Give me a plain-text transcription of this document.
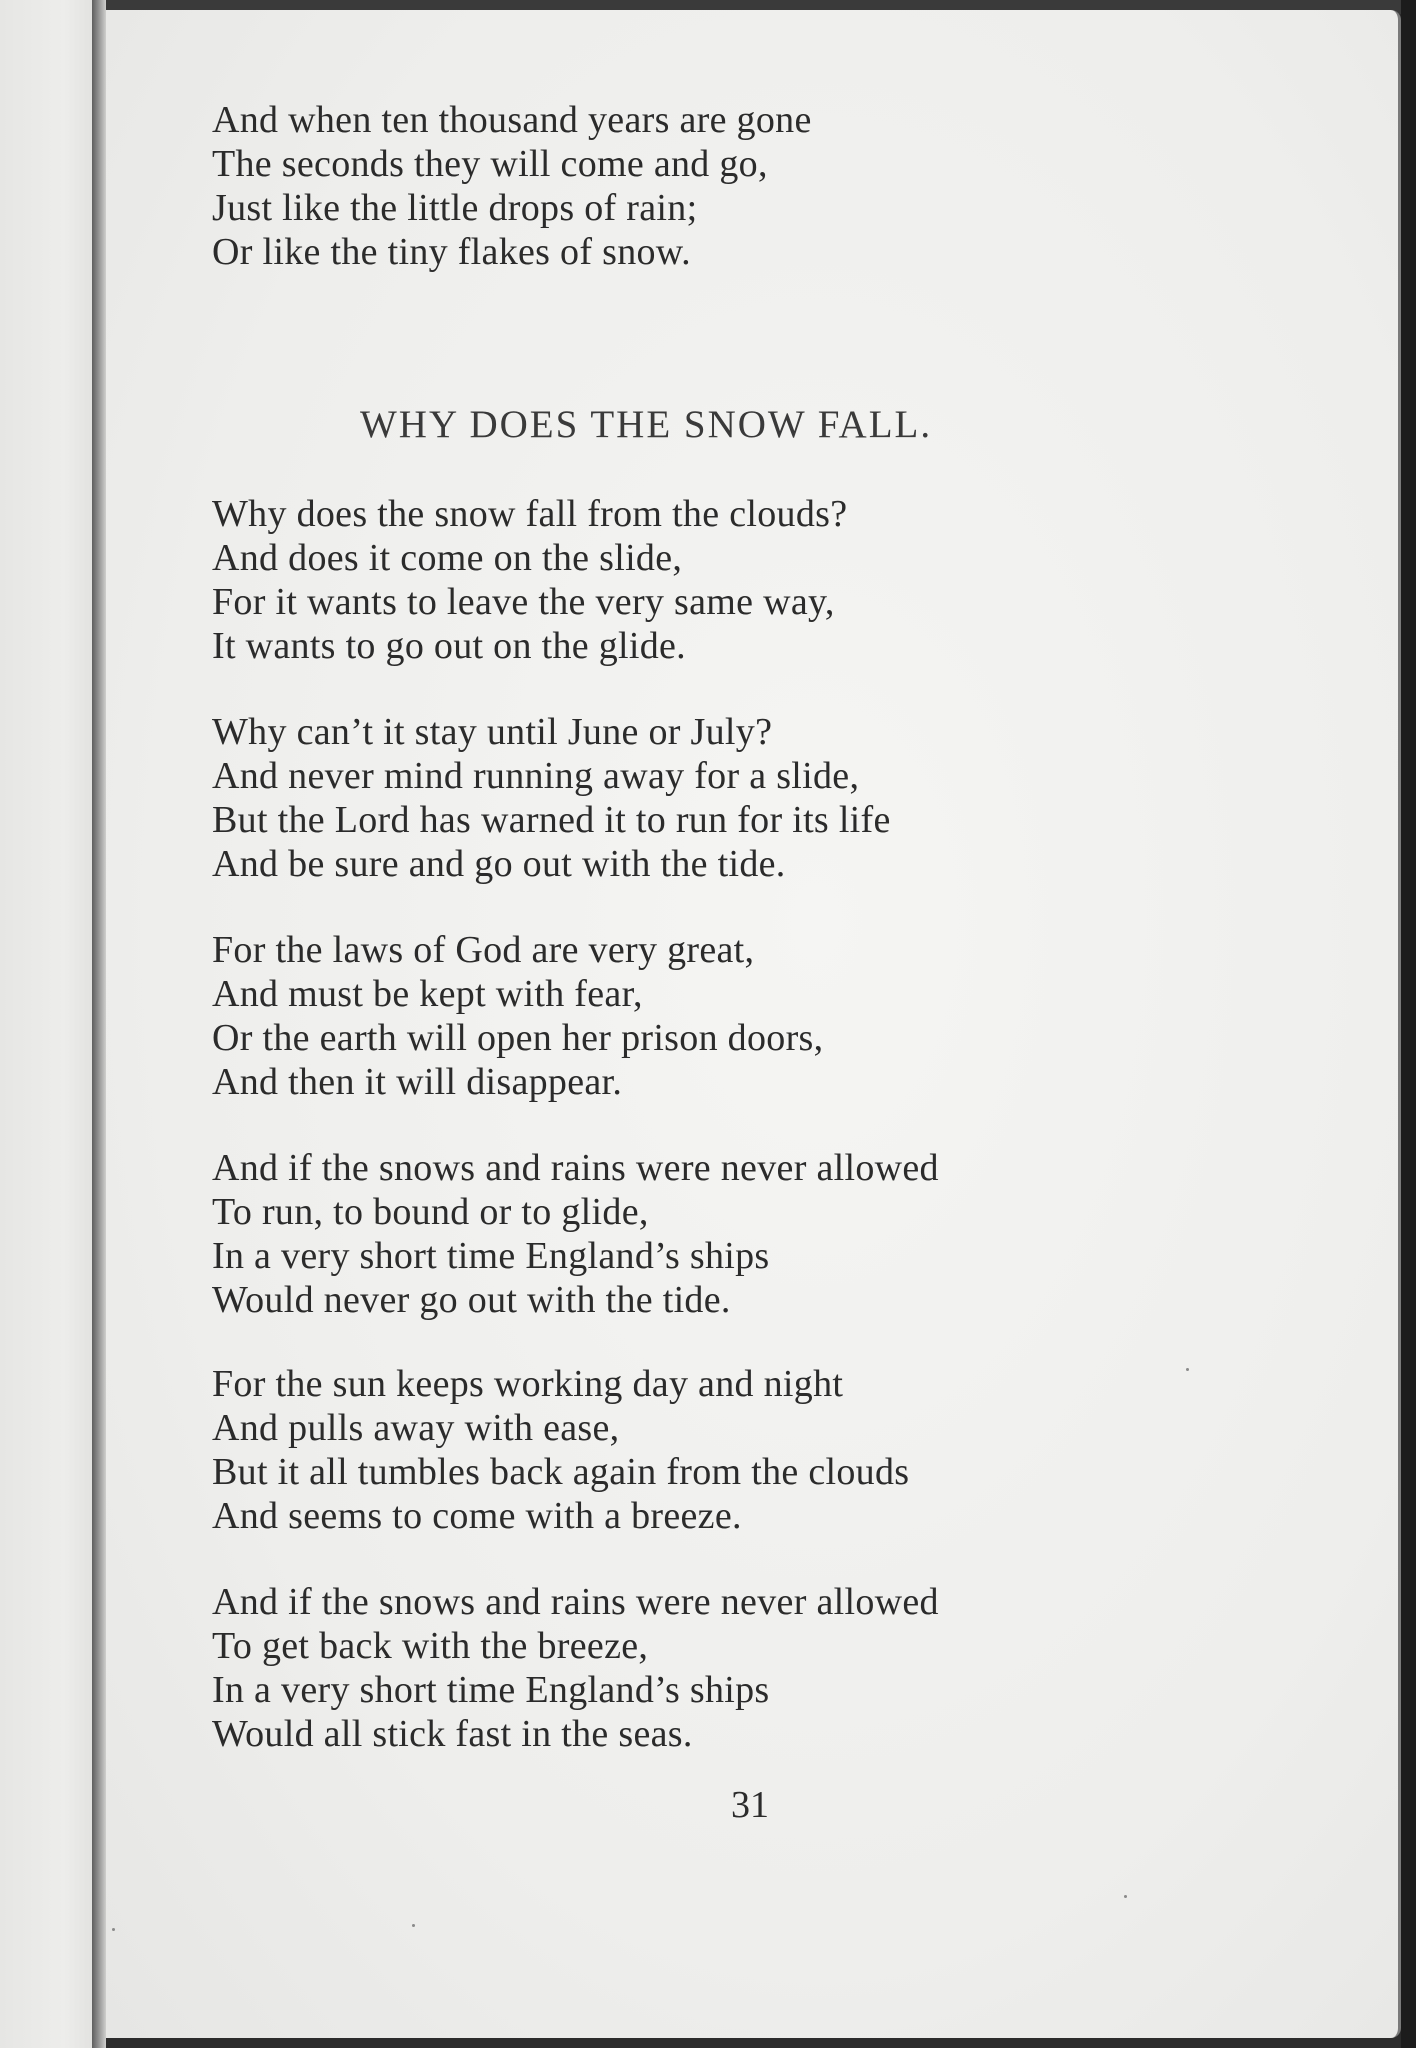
And when ten thousand years are gone
The seconds they will come and go,
Just like the little drops of rain;
Or like the tiny flakes of snow.
WHY DOES THE SNOW FALL.
Why does the snow fall from the clouds?
And does it come on the slide,
For it wants to leave the very same way,
It wants to go out on the glide.
Why can’t it stay until June or July?
And never mind running away for a slide,
But the Lord has warned it to run for its life
And be sure and go out with the tide.
For the laws of God are very great,
And must be kept with fear,
Or the earth will open her prison doors,
And then it will disappear.
And if the snows and rains were never allowed
To run, to bound or to glide,
In a very short time England’s ships
Would never go out with the tide.
For the sun keeps working day and night
And pulls away with ease,
But it all tumbles back again from the clouds
And seems to come with a breeze.
And if the snows and rains were never allowed
To get back with the breeze,
In a very short time England’s ships
Would all stick fast in the seas.
31
